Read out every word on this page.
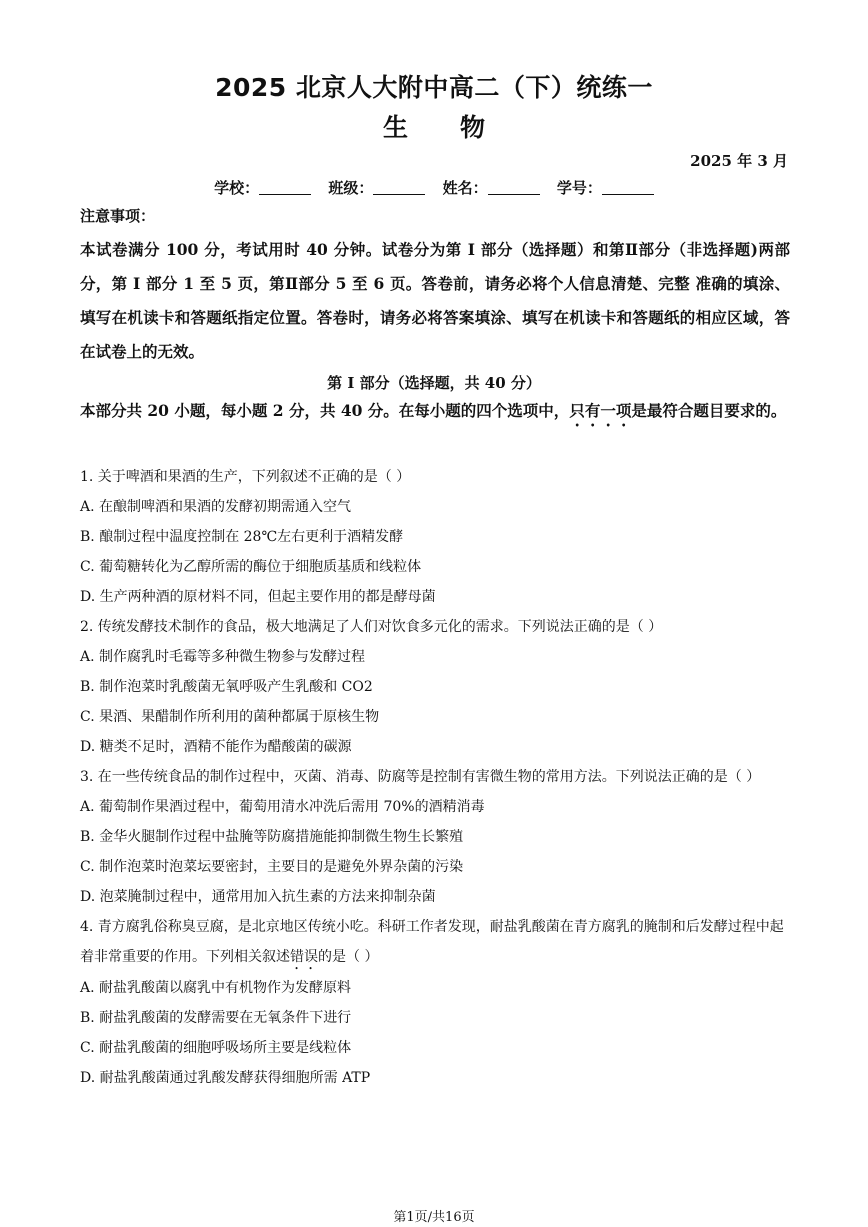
2025 北京人大附中高二（下）统练一
生 物
2025 年 3 月
学校：	班级：	姓名：	学号：
注意事项：
本试卷满分 100 分，考试用时 40 分钟。试卷分为第 I 部分（选择题）和第Ⅱ部分（非选择题)两部分，第 I 部分 1 至 5 页，第Ⅱ部分 5 至 6 页。答卷前，请务必将个人信息清楚、完整 准确的填涂、填写在机读卡和答题纸指定位置。答卷时，请务必将答案填涂、填写在机读卡和答题纸的相应区域，答在试卷上的无效。
第 I 部分（选择题，共 40 分）
本部分共 20 小题，每小题 2 分，共 40 分。在每小题的四个选项中，只有一项是最符合题目要求的。
1. 关于啤酒和果酒的生产，下列叙述不正确的是（ ）
A. 在酿制啤酒和果酒的发酵初期需通入空气
B. 酿制过程中温度控制在 28℃左右更利于酒精发酵
C. 葡萄糖转化为乙醇所需的酶位于细胞质基质和线粒体
D. 生产两种酒的原材料不同，但起主要作用的都是酵母菌
2. 传统发酵技术制作的食品，极大地满足了人们对饮食多元化的需求。下列说法正确的是（ ）
A. 制作腐乳时毛霉等多种微生物参与发酵过程
B. 制作泡菜时乳酸菌无氧呼吸产生乳酸和 CO2
C. 果酒、果醋制作所利用的菌种都属于原核生物
D. 糖类不足时，酒精不能作为醋酸菌的碳源
3. 在一些传统食品的制作过程中，灭菌、消毒、防腐等是控制有害微生物的常用方法。下列说法正确的是（ ）
A. 葡萄制作果酒过程中，葡萄用清水冲洗后需用 70%的酒精消毒
B. 金华火腿制作过程中盐腌等防腐措施能抑制微生物生长繁殖
C. 制作泡菜时泡菜坛要密封，主要目的是避免外界杂菌的污染
D. 泡菜腌制过程中，通常用加入抗生素的方法来抑制杂菌
4. 青方腐乳俗称臭豆腐，是北京地区传统小吃。科研工作者发现，耐盐乳酸菌在青方腐乳的腌制和后发酵过程中起着非常重要的作用。下列相关叙述错误的是（ ）
A. 耐盐乳酸菌以腐乳中有机物作为发酵原料
B. 耐盐乳酸菌的发酵需要在无氧条件下进行
C. 耐盐乳酸菌的细胞呼吸场所主要是线粒体
D. 耐盐乳酸菌通过乳酸发酵获得细胞所需 ATP
第1页/共16页
